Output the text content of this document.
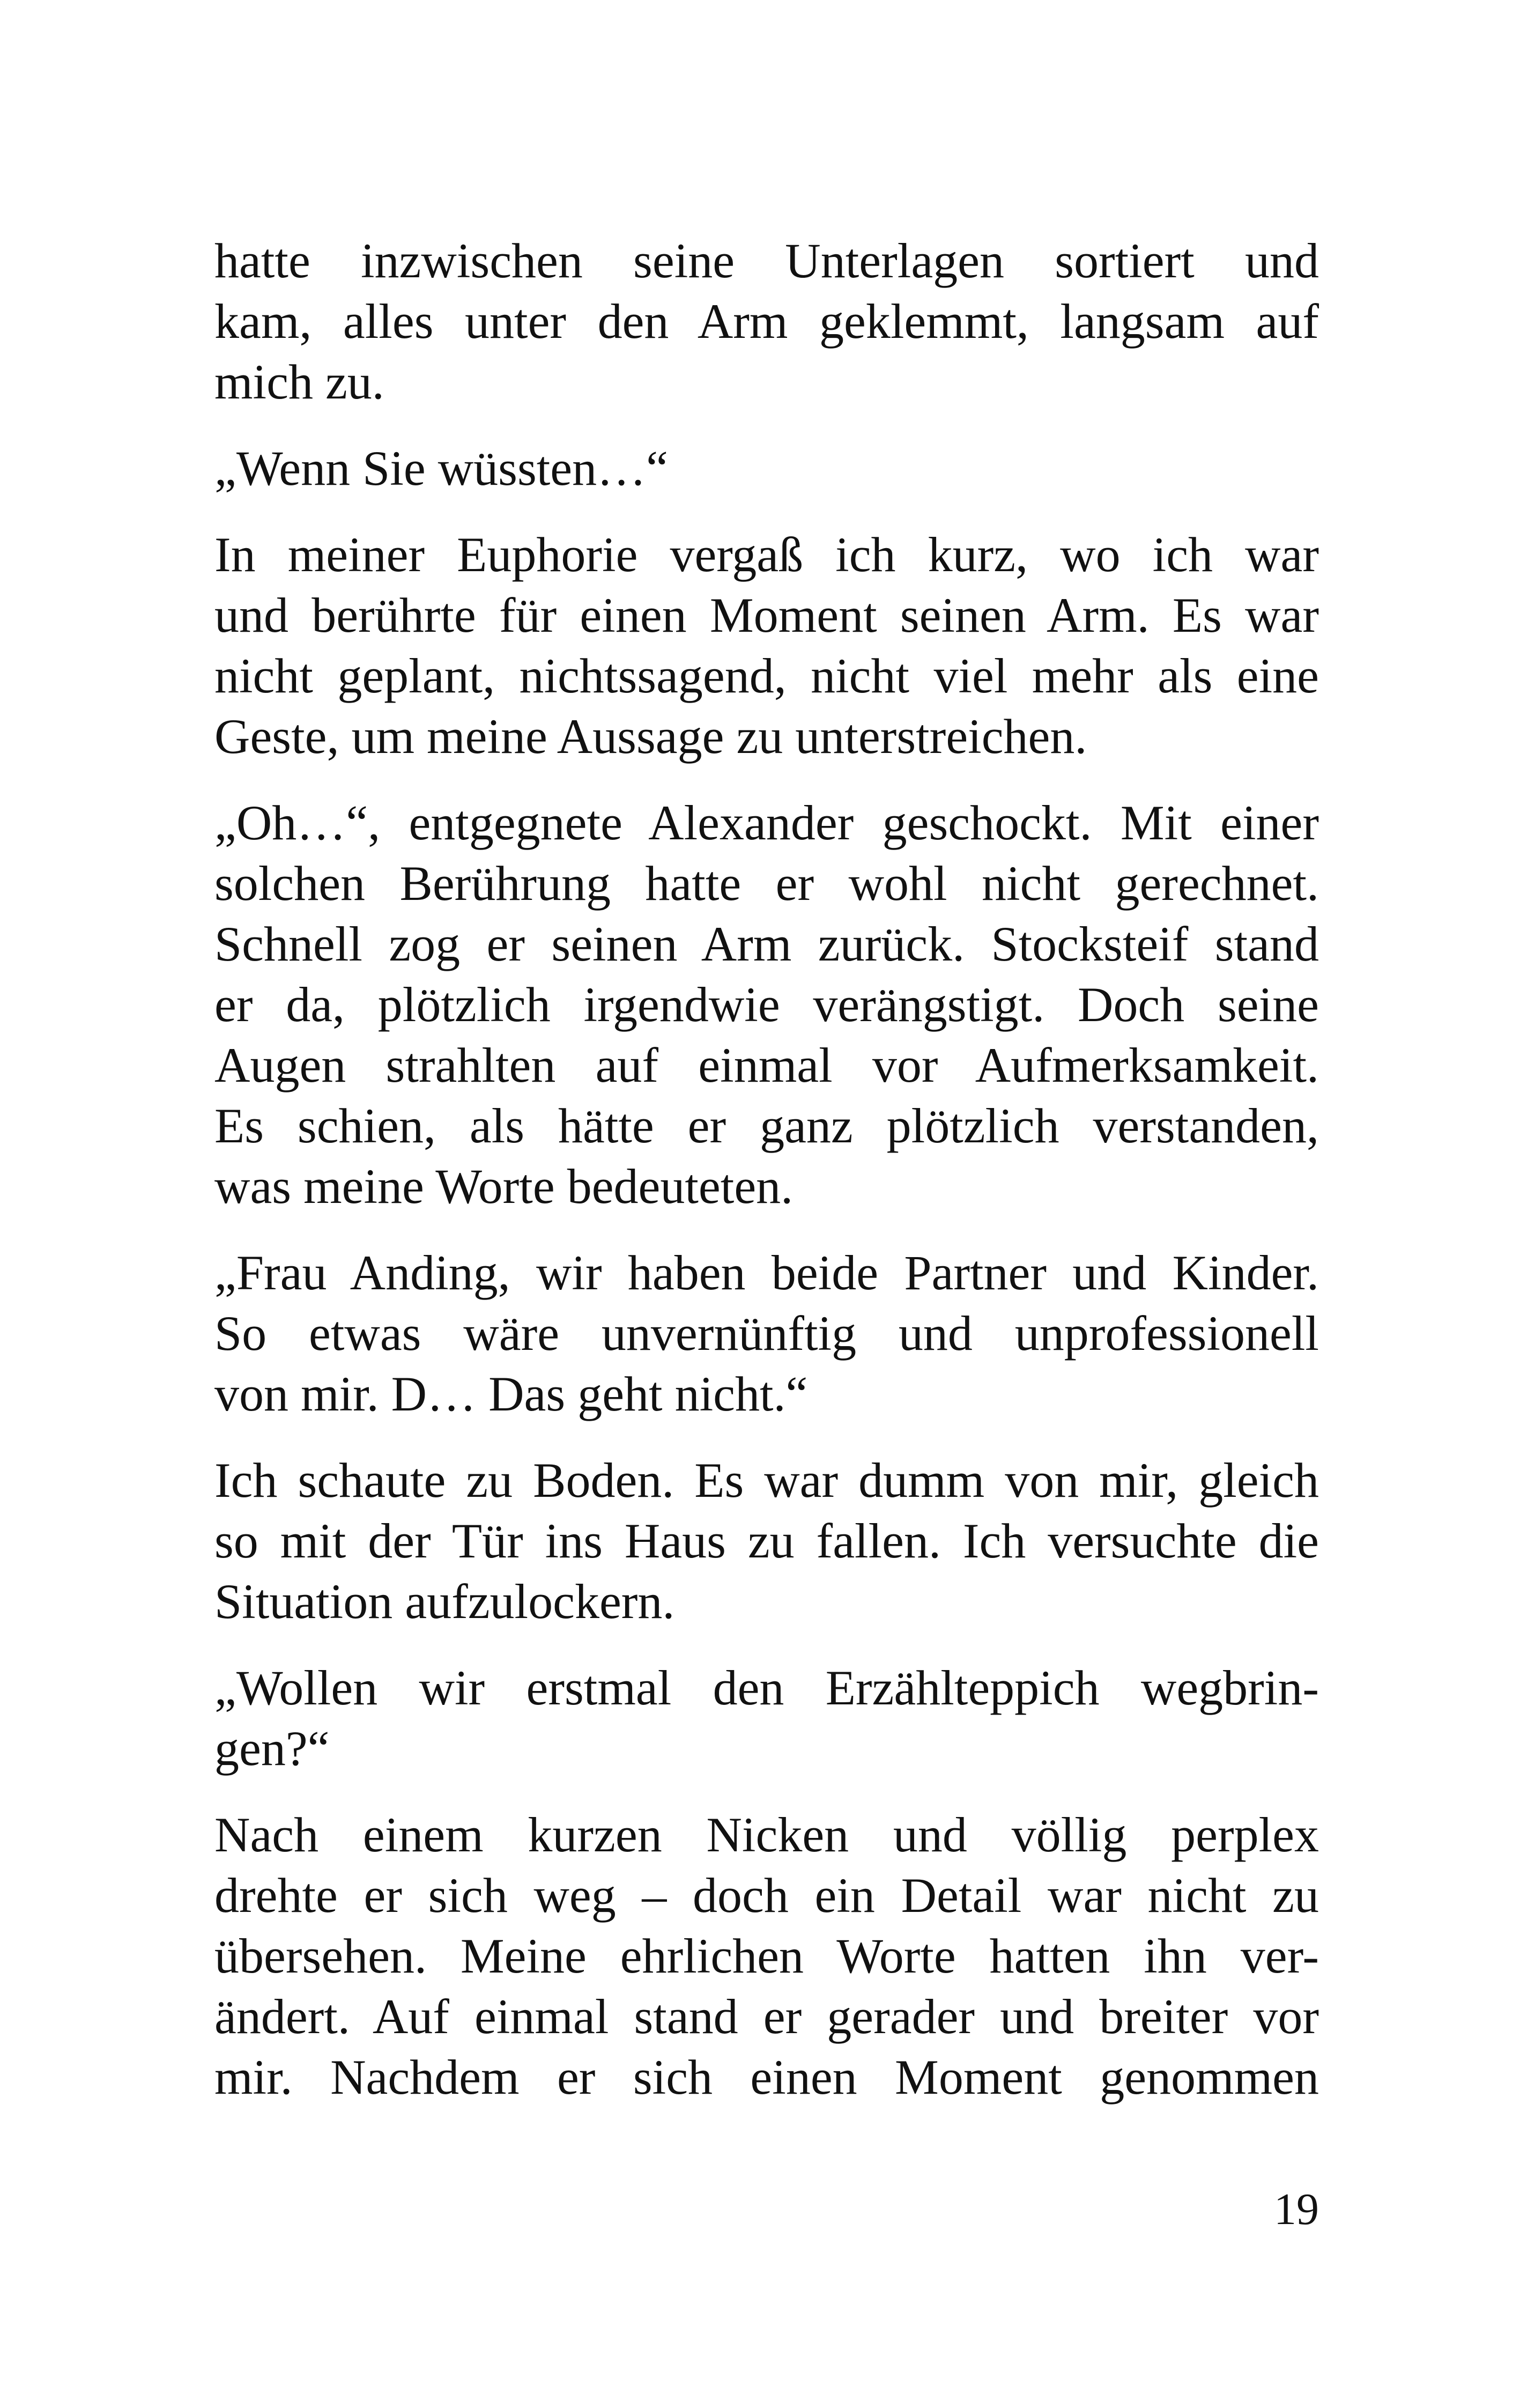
hatte inzwischen seine Unterlagen sortiert und
kam, alles unter den Arm geklemmt, langsam auf
mich zu.
„Wenn Sie wüssten…“
In meiner Euphorie vergaß ich kurz, wo ich war
und berührte für einen Moment seinen Arm. Es war
nicht geplant, nichtssagend, nicht viel mehr als eine
Geste, um meine Aussage zu unterstreichen.
„Oh…“, entgegnete Alexander geschockt. Mit einer
solchen Berührung hatte er wohl nicht gerechnet.
Schnell zog er seinen Arm zurück. Stocksteif stand
er da, plötzlich irgendwie verängstigt. Doch seine
Augen strahlten auf einmal vor Aufmerksamkeit.
Es schien, als hätte er ganz plötzlich verstanden,
was meine Worte bedeuteten.
„Frau Anding, wir haben beide Partner und Kinder.
So etwas wäre unvernünftig und unprofessionell
von mir. D… Das geht nicht.“
Ich schaute zu Boden. Es war dumm von mir, gleich
so mit der Tür ins Haus zu fallen. Ich versuchte die
Situation aufzulockern.
„Wollen wir erstmal den Erzählteppich wegbrin-
gen?“
Nach einem kurzen Nicken und völlig perplex
drehte er sich weg – doch ein Detail war nicht zu
übersehen. Meine ehrlichen Worte hatten ihn ver-
ändert. Auf einmal stand er gerader und breiter vor
mir. Nachdem er sich einen Moment genommen
19
